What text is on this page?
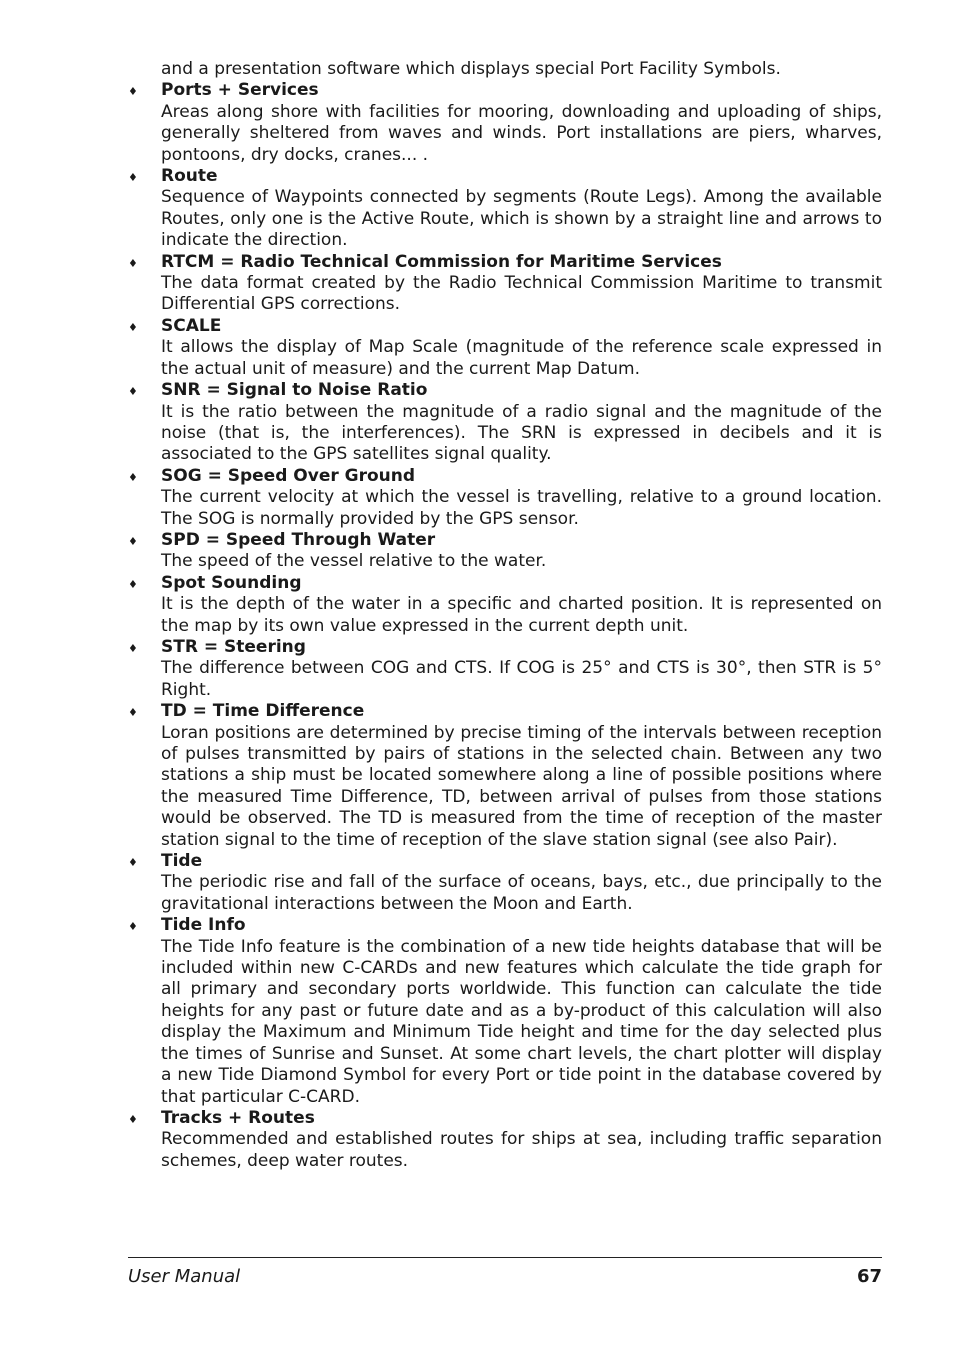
and a presentation software which displays special Port Facility Symbols.
♦ Ports + Services
Areas along shore with facilities for mooring, downloading and uploading of ships, generally sheltered from waves and winds. Port installations are piers, wharves, pontoons, dry docks, cranes... .
♦ Route
Sequence of Waypoints connected by segments (Route Legs). Among the available Routes, only one is the Active Route, which is shown by a straight line and arrows to indicate the direction.
♦ RTCM = Radio Technical Commission for Maritime Services
The data format created by the Radio Technical Commission Maritime to transmit Differential GPS corrections.
♦ SCALE
It allows the display of Map Scale (magnitude of the reference scale expressed in the actual unit of measure) and the current Map Datum.
♦ SNR = Signal to Noise Ratio
It is the ratio between the magnitude of a radio signal and the magnitude of the noise (that is, the interferences). The SRN is expressed in decibels and it is associated to the GPS satellites signal quality.
♦ SOG = Speed Over Ground
The current velocity at which the vessel is travelling, relative to a ground location. The SOG is normally provided by the GPS sensor.
♦ SPD = Speed Through Water
The speed of the vessel relative to the water.
♦ Spot Sounding
It is the depth of the water in a specific and charted position. It is represented on the map by its own value expressed in the current depth unit.
♦ STR = Steering
The difference between COG and CTS. If COG is 25° and CTS is 30°, then STR is 5° Right.
♦ TD = Time Difference
Loran positions are determined by precise timing of the intervals between reception of pulses transmitted by pairs of stations in the selected chain. Between any two stations a ship must be located somewhere along a line of possible positions where the measured Time Difference, TD, between arrival of pulses from those stations would be observed. The TD is measured from the time of reception of the master station signal to the time of reception of the slave station signal (see also Pair).
♦ Tide
The periodic rise and fall of the surface of oceans, bays, etc., due principally to the gravitational interactions between the Moon and Earth.
♦ Tide Info
The Tide Info feature is the combination of a new tide heights database that will be included within new C-CARDs and new features which calculate the tide graph for all primary and secondary ports worldwide. This function can calculate the tide heights for any past or future date and as a by-product of this calculation will also display the Maximum and Minimum Tide height and time for the day selected plus the times of Sunrise and Sunset. At some chart levels, the chart plotter will display a new Tide Diamond Symbol for every Port or tide point in the database covered by that particular C-CARD.
♦ Tracks + Routes
Recommended and established routes for ships at sea, including traffic separation schemes, deep water routes.
User Manual	67
